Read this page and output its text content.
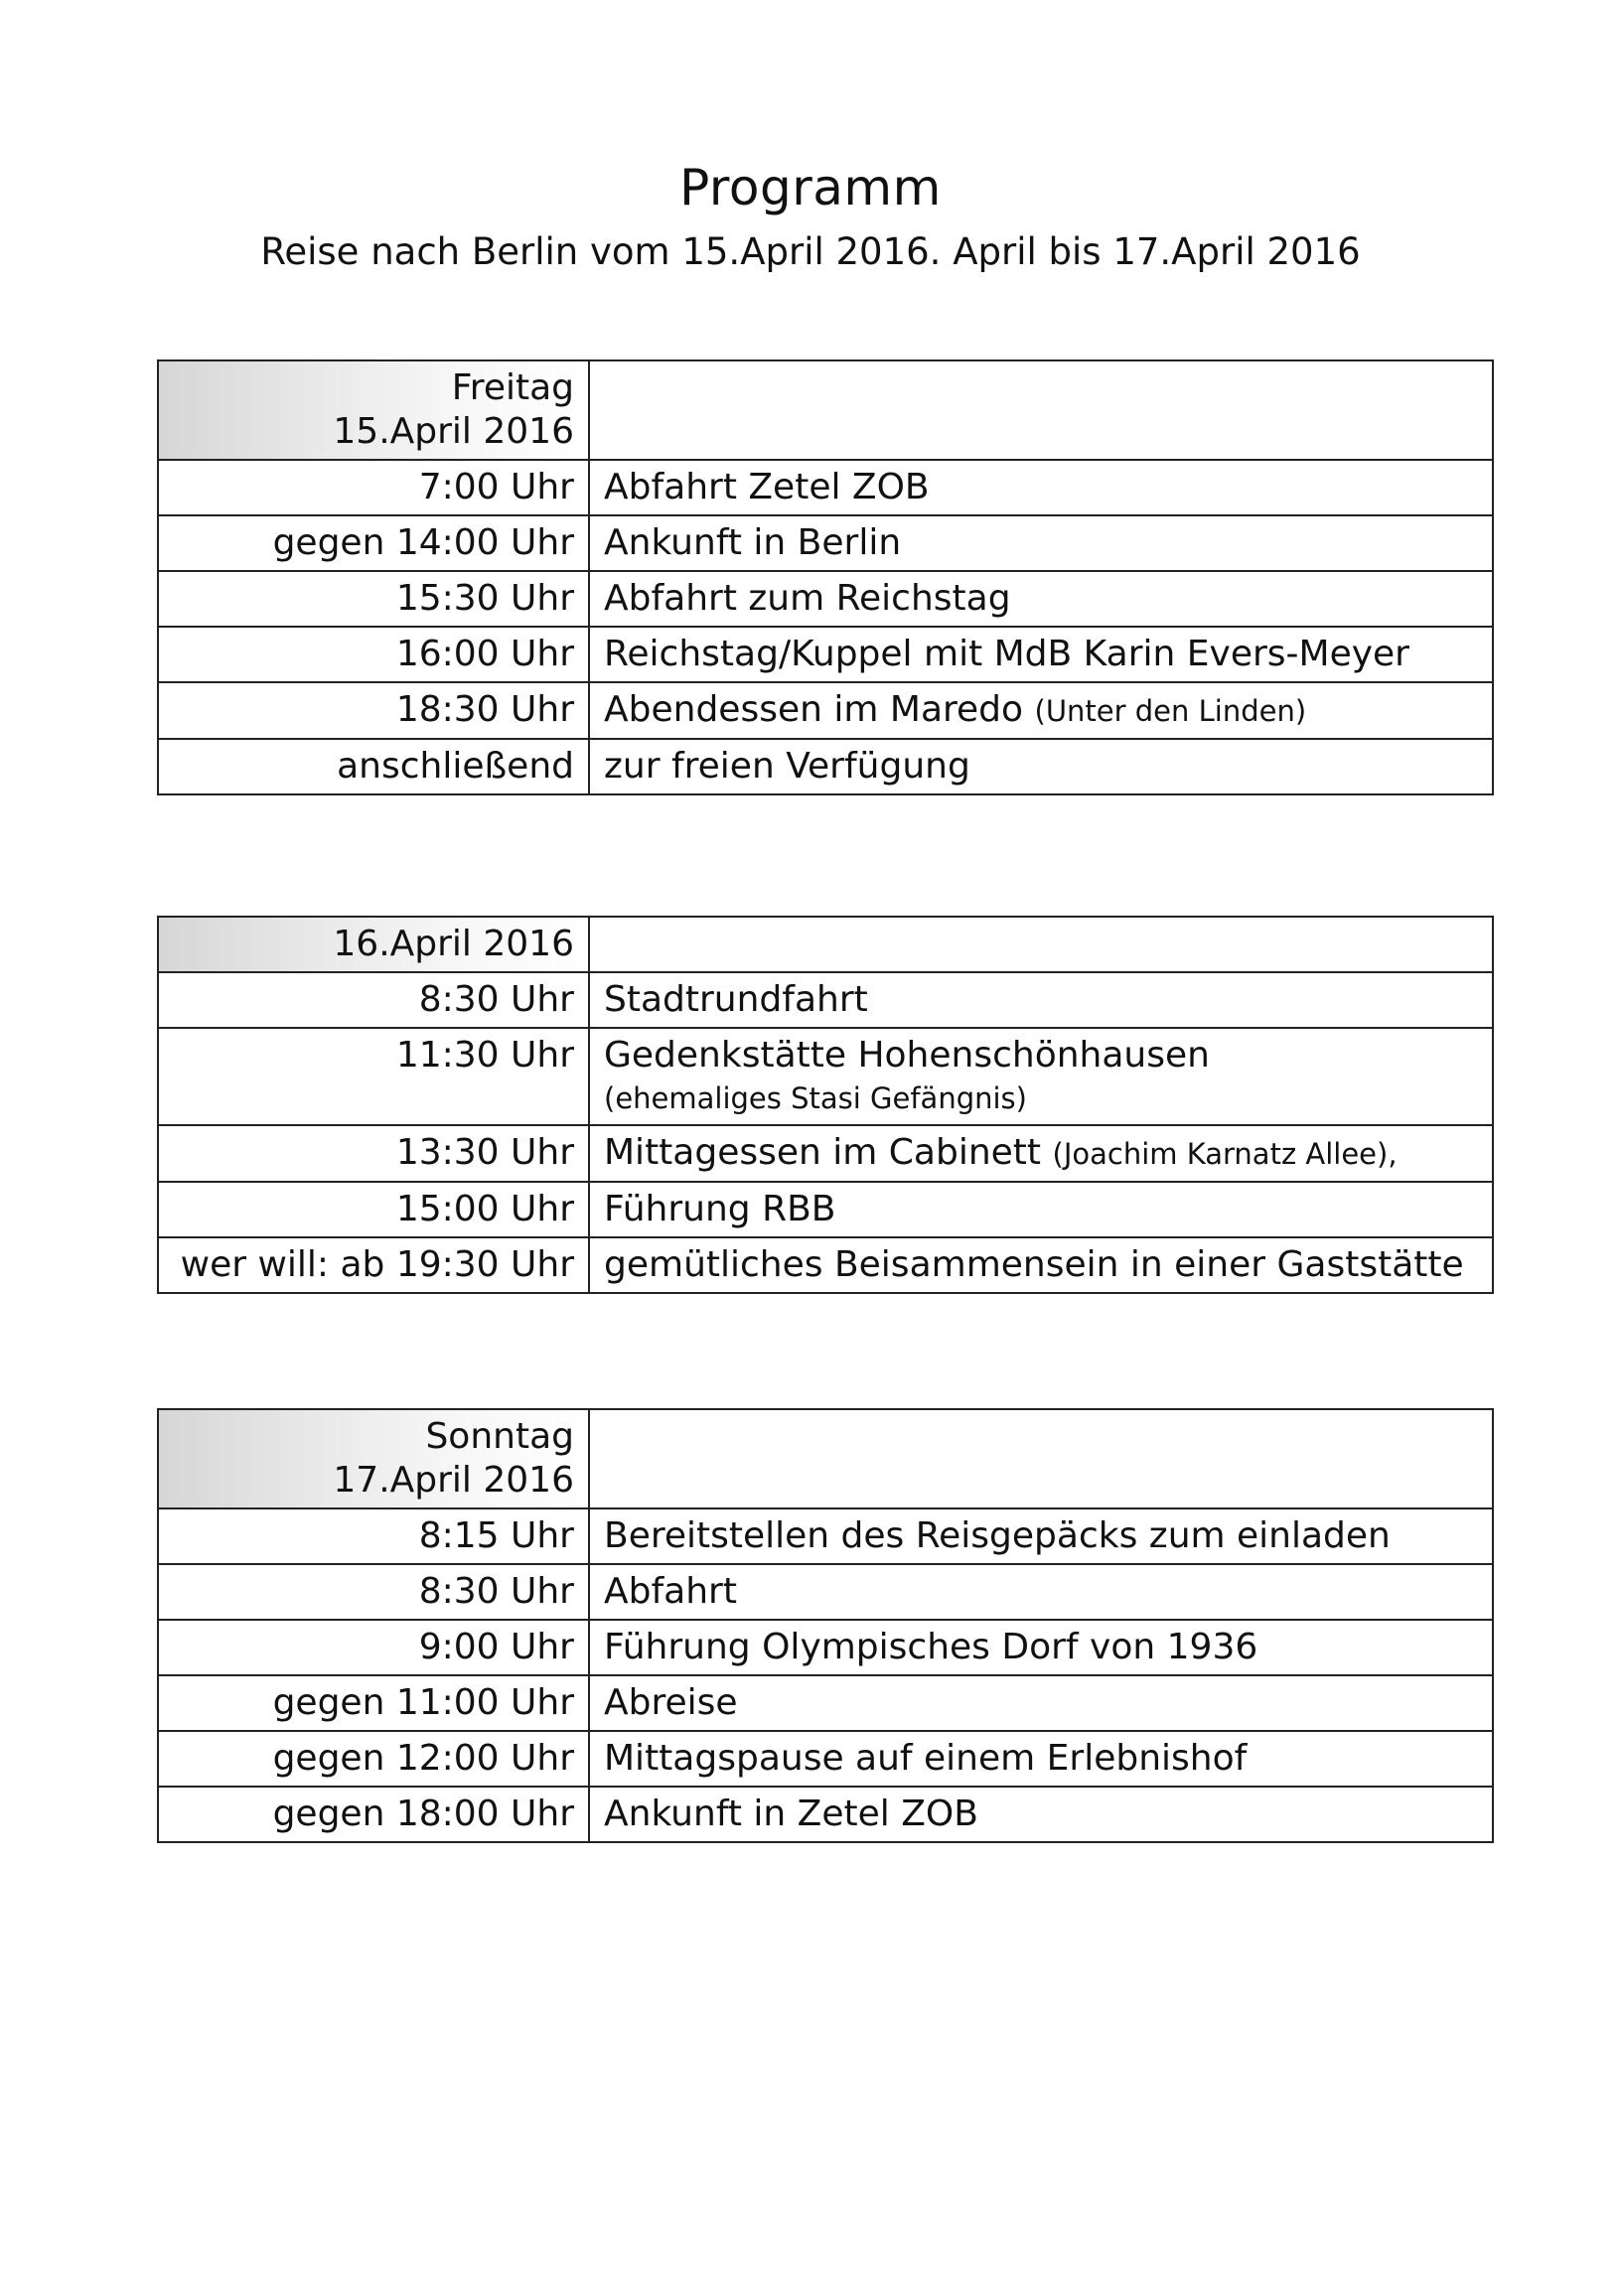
Programm
Reise nach Berlin vom 15.April 2016. April bis 17.April 2016
Freitag
15.April 2016	

7:00 Uhr	Abfahrt Zetel ZOB
gegen 14:00 Uhr	Ankunft in Berlin
15:30 Uhr	Abfahrt zum Reichstag
16:00 Uhr	Reichstag/Kuppel mit MdB Karin Evers-Meyer
18:30 Uhr	Abendessen im Maredo (Unter den Linden)
anschließend	zur freien Verfügung
16.April 2016	

8:30 Uhr	Stadtrundfahrt
11:30 Uhr	Gedenkstätte Hohenschönhausen
(ehemaliges Stasi Gefängnis)

13:30 Uhr	Mittagessen im Cabinett (Joachim Karnatz Allee),
15:00 Uhr	Führung RBB
wer will: ab 19:30 Uhr	gemütliches Beisammensein in einer Gaststätte
Sonntag
17.April 2016	

8:15 Uhr	Bereitstellen des Reisgepäcks zum einladen
8:30 Uhr	Abfahrt
9:00 Uhr	Führung Olympisches Dorf von 1936
gegen 11:00 Uhr	Abreise
gegen 12:00 Uhr	Mittagspause auf einem Erlebnishof
gegen 18:00 Uhr	Ankunft in Zetel ZOB
